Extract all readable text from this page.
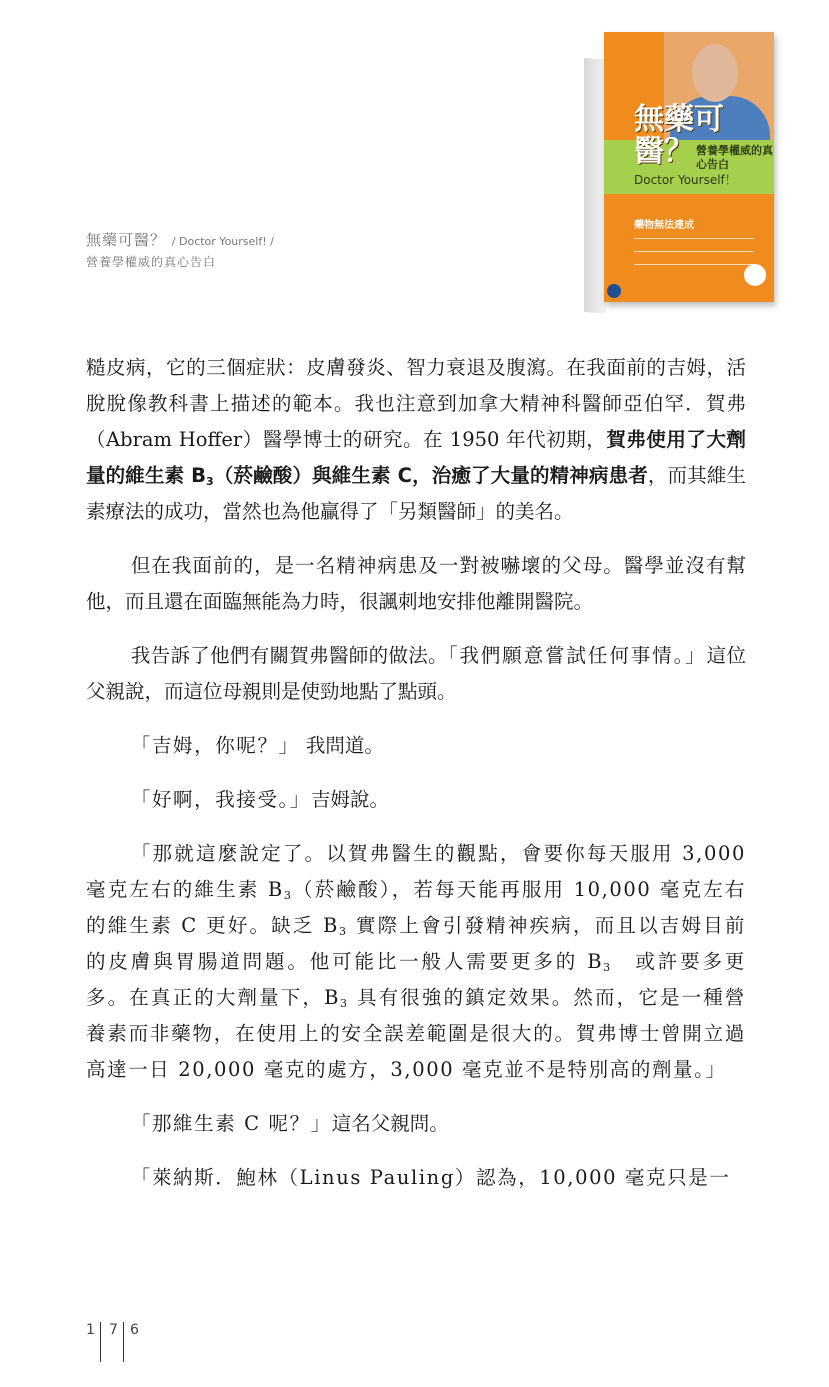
無藥可醫？ / Doctor Yourself! /
營養學權威的真心告白
無藥可醫？ 營養學權威的真心告白
Doctor Yourself！
藥物無法達成

糙皮病，它的三個症狀：皮膚發炎、智力衰退及腹瀉。在我面前的吉姆，活脫脫像教科書上描述的範本。我也注意到加拿大精神科醫師亞伯罕．賀弗（Abram Hoffer）醫學博士的研究。在 1950 年代初期，賀弗使用了大劑量的維生素 $B_3$（菸鹼酸）與維生素 C，治癒了大量的精神病患者，而其維生素療法的成功，當然也為他贏得了「另類醫師」的美名。

但在我面前的，是一名精神病患及一對被嚇壞的父母。醫學並沒有幫他，而且還在面臨無能為力時，很諷刺地安排他離開醫院。

我告訴了他們有關賀弗醫師的做法。「我們願意嘗試任何事情。」這位父親說，而這位母親則是使勁地點了點頭。

「吉姆，你呢？」 我問道。

「好啊，我接受。」吉姆說。

「那就這麼說定了。以賀弗醫生的觀點，會要你每天服用 3,000 毫克左右的維生素 $B_3$（菸鹼酸），若每天能再服用 10,000 毫克左右的維生素 C 更好。缺乏 $B_3$ 實際上會引發精神疾病，而且以吉姆目前的皮膚與胃腸道問題。他可能比一般人需要更多的 $B_3$　或許要多更多。在真正的大劑量下，$B_3$ 具有很強的鎮定效果。然而，它是一種營養素而非藥物，在使用上的安全誤差範圍是很大的。賀弗博士曾開立過高達一日 20,000 毫克的處方，3,000 毫克並不是特別高的劑量。」

「那維生素 C 呢？」這名父親問。

「萊納斯．鮑林（Linus Pauling）認為，10,000 毫克只是一

1	7 6
